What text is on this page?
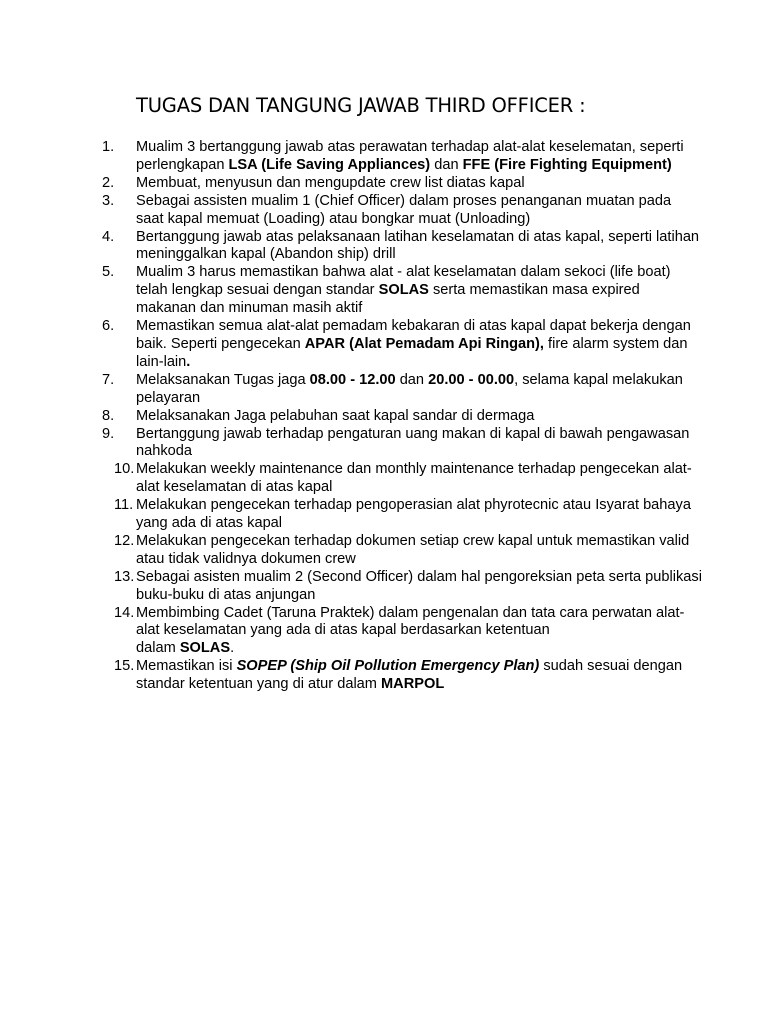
TUGAS DAN TANGUNG JAWAB THIRD OFFICER :
1.	Mualim 3 bertanggung jawab atas perawatan terhadap alat-alat keselematan, seperti perlengkapan LSA (Life Saving Appliances) dan FFE (Fire Fighting Equipment)
2.	Membuat, menyusun dan mengupdate crew list diatas kapal
3.	Sebagai assisten mualim 1 (Chief Officer) dalam proses penanganan muatan pada saat kapal memuat (Loading) atau bongkar muat (Unloading)
4.	Bertanggung jawab atas pelaksanaan latihan keselamatan di atas kapal, seperti latihan meninggalkan kapal (Abandon ship) drill
5.	Mualim 3 harus memastikan bahwa alat - alat keselamatan dalam sekoci (life boat) telah lengkap sesuai dengan standar SOLAS serta memastikan masa expired makanan dan minuman masih aktif
6.	Memastikan semua alat-alat pemadam kebakaran di atas kapal dapat bekerja dengan baik. Seperti pengecekan APAR (Alat Pemadam Api Ringan), fire alarm system dan lain-lain.
7.	Melaksanakan Tugas jaga 08.00 - 12.00 dan 20.00 - 00.00, selama kapal melakukan pelayaran
8.	Melaksanakan Jaga pelabuhan saat kapal sandar di dermaga
9.	Bertanggung jawab terhadap pengaturan uang makan di kapal di bawah pengawasan nahkoda
10. Melakukan weekly maintenance dan monthly maintenance terhadap pengecekan alat-alat keselamatan di atas kapal
11. Melakukan pengecekan terhadap pengoperasian alat phyrotecnic atau Isyarat bahaya yang ada di atas kapal
12. Melakukan pengecekan terhadap dokumen setiap crew kapal untuk memastikan valid atau tidak validnya dokumen crew
13. Sebagai asisten mualim 2 (Second Officer) dalam hal pengoreksian peta serta publikasi buku-buku di atas anjungan
14. Membimbing Cadet (Taruna Praktek) dalam pengenalan dan tata cara perwatan alat-alat keselamatan yang ada di atas kapal berdasarkan ketentuan
dalam SOLAS.
15. Memastikan isi SOPEP (Ship Oil Pollution Emergency Plan) sudah sesuai dengan standar ketentuan yang di atur dalam MARPOL
